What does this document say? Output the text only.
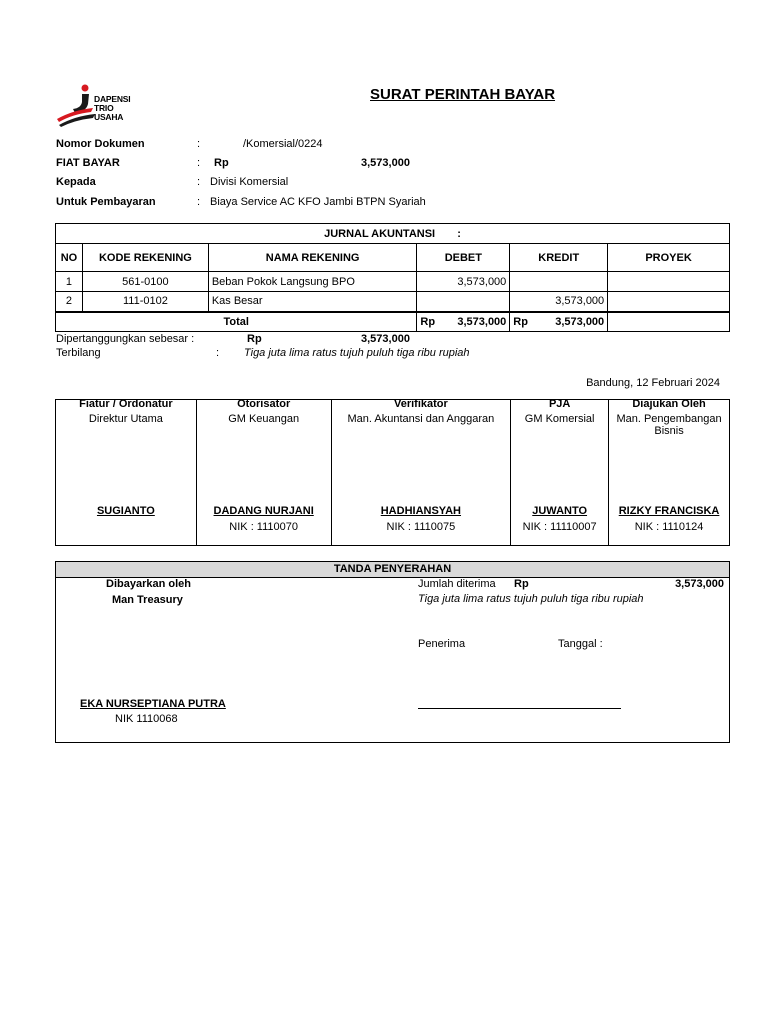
DAPENSI
TRIO
USAHA
SURAT PERINTAH BAYAR
Nomor Dokumen	:	/Komersial/0224
FIAT BAYAR	: Rp	3,573,000
Kepada	: Divisi Komersial
Untuk Pembayaran	: Biaya Service AC KFO Jambi BTPN Syariah
JURNAL AKUNTANSI :					
NO	KODE REKENING	NAMA REKENING	DEBET	KREDIT	PROYEK
1	561-0100	Beban Pokok Langsung BPO	3,573,000		
2	111-0102	Kas Besar		3,573,000	
Total			Rp 3,573,000	Rp 3,573,000	

Dipertanggungkan sebesar :	Rp	3,573,000
Terbilang	: Tiga juta lima ratus tujuh puluh tiga ribu rupiah
Bandung, 12 Februari 2024
Fiatur / Ordonatur
Direktur Utama
SUGIANTO

Otorisator
GM Keuangan
DADANG NURJANI
NIK : 1110070

Verifikator
Man. Akuntansi dan Anggaran
HADHIANSYAH
NIK : 1110075

PJA
GM Komersial
JUWANTO
NIK : 11110007

Diajukan Oleh
Man. Pengembangan Bisnis
RIZKY FRANCISKA
NIK : 1110124
TANDA PENYERAHAN
Dibayarkan oleh
Man Treasury
Jumlah diterima Rp	3,573,000
Tiga juta lima ratus tujuh puluh tiga ribu rupiah
Penerima	Tanggal :
EKA NURSEPTIANA PUTRA
NIK 1110068
